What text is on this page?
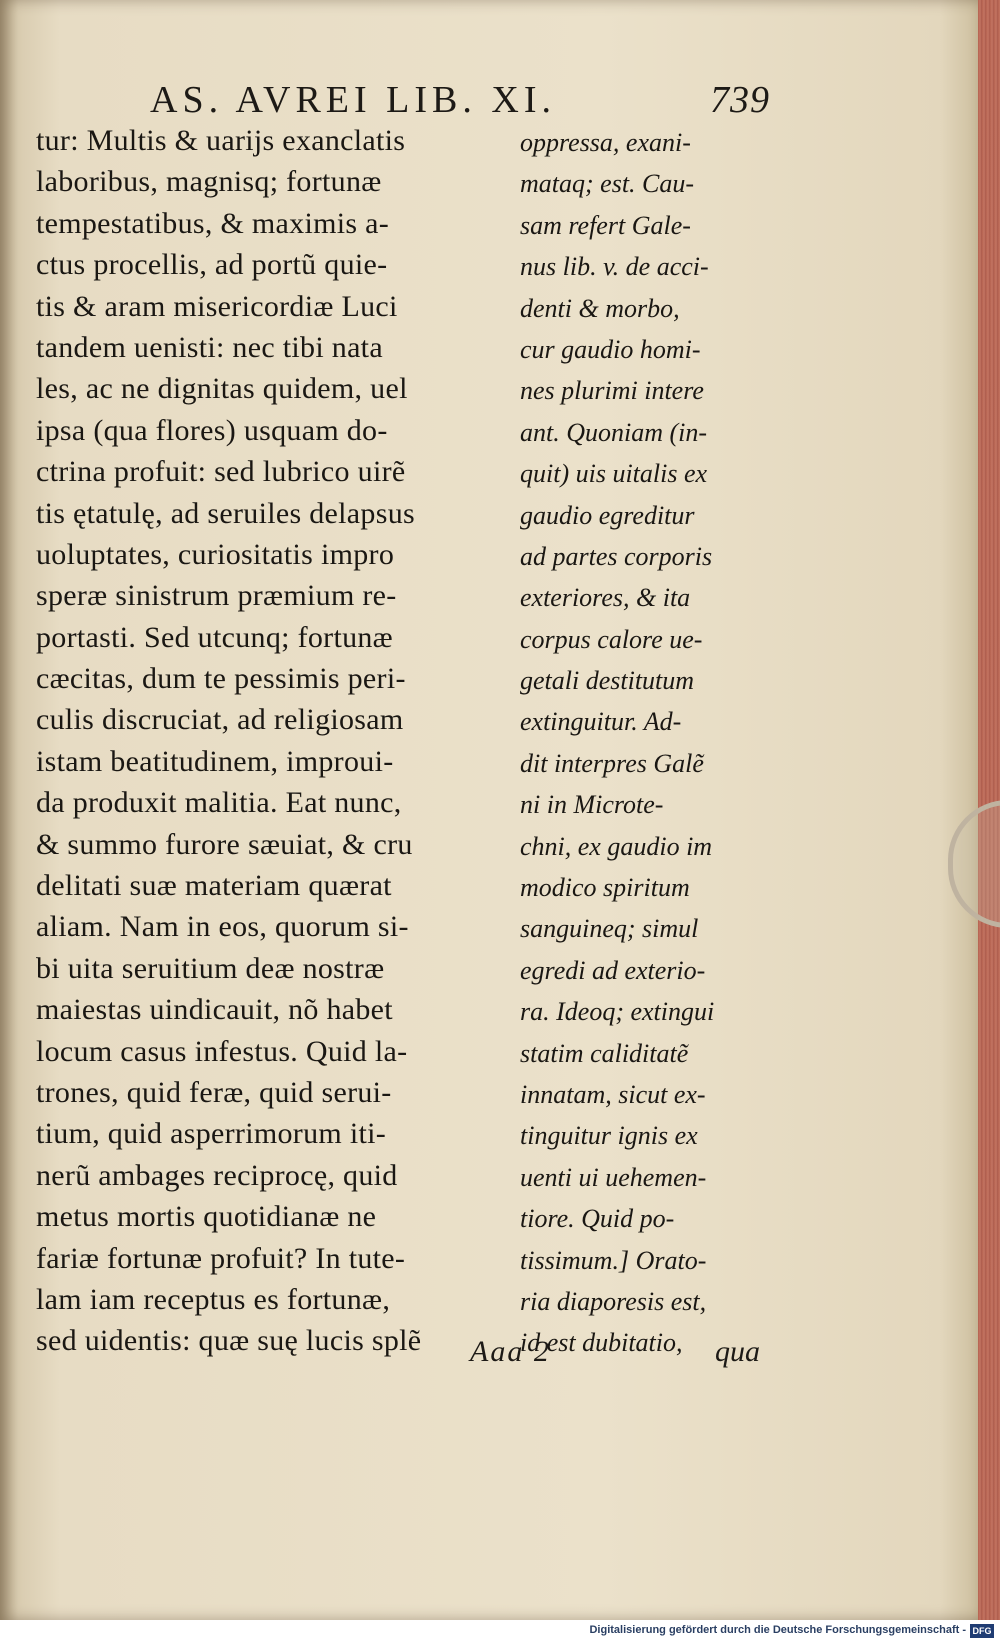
AS. AVREI LIB. XI.	739
tur: Multis & uarijs exanclatis
laboribus, magnisq; fortunæ
tempestatibus, & maximis a-
ctus procellis, ad portũ quie-
tis & aram misericordiæ Luci
tandem uenisti: nec tibi nata
les, ac ne dignitas quidem, uel
ipsa (qua flores) usquam do-
ctrina profuit: sed lubrico uirẽ
tis ętatulę, ad seruiles delapsus
uoluptates, curiositatis impro
speræ sinistrum præmium re-
portasti. Sed utcunq; fortunæ
cæcitas, dum te pessimis peri-
culis discruciat, ad religiosam
istam beatitudinem, improui-
da produxit malitia. Eat nunc,
& summo furore sæuiat, & cru
delitati suæ materiam quærat
aliam. Nam in eos, quorum si-
bi uita seruitium deæ nostræ
maiestas uindicauit, nõ habet
locum casus infestus. Quid la-
trones, quid feræ, quid serui-
tium, quid asperrimorum iti-
nerũ ambages reciprocę, quid
metus mortis quotidianæ ne
fariæ fortunæ profuit? In tute-
lam iam receptus es fortunæ,
sed uidentis: quæ suę lucis splẽ
oppressa, exani-
mataq; est. Cau-
sam refert Gale-
nus lib. v. de acci-
denti & morbo,
cur gaudio homi-
nes plurimi intere
ant. Quoniam (in-
quit) uis uitalis ex
gaudio egreditur
ad partes corporis
exteriores, & ita
corpus calore ue-
getali destitutum
extinguitur. Ad-
dit interpres Galẽ
ni in Microte-
chni, ex gaudio im
modico spiritum
sanguineq; simul
egredi ad exterio-
ra. Ideoq; extingui
statim caliditatẽ
innatam, sicut ex-
tinguitur ignis ex
uenti ui uehemen-
tiore. Quid po-
tissimum.] Orato-
ria diaporesis est,
id est dubitatio,
Aaa 2	qua
Digitalisierung gefördert durch die Deutsche Forschungsgemeinschaft - DFG
